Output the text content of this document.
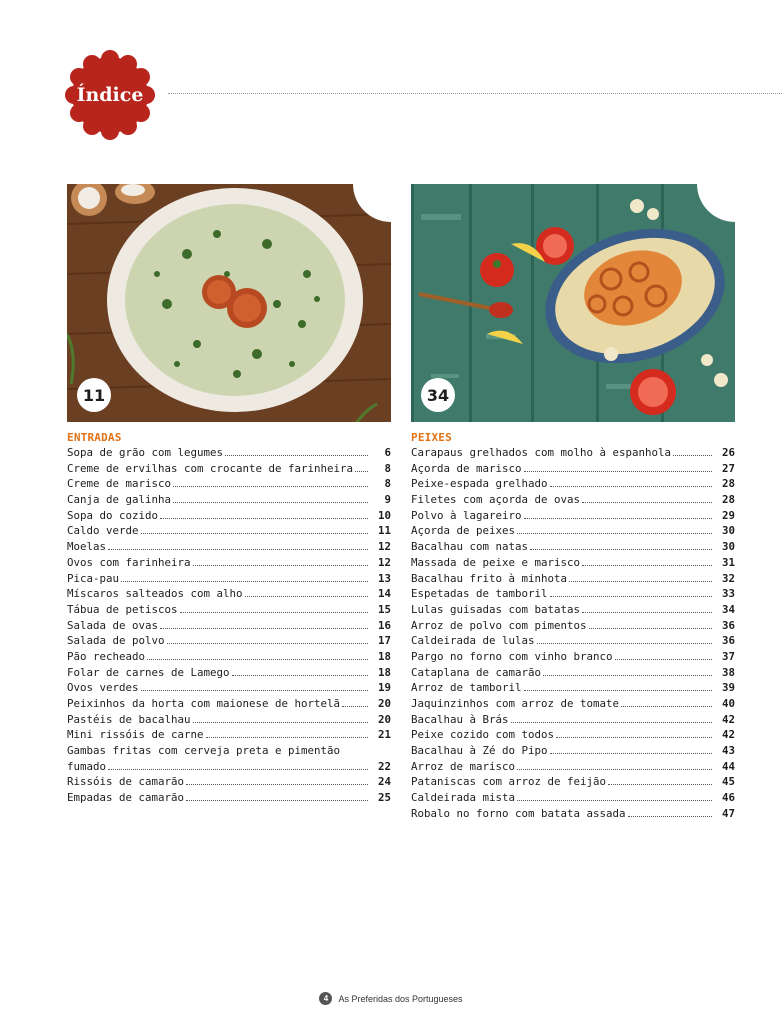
Índice
11	34
ENTRADAS
Sopa de grão com legumes	6
Creme de ervilhas com crocante de farinheira	8
Creme de marisco	8
Canja de galinha	9
Sopa do cozido	10
Caldo verde	11
Moelas	12
Ovos com farinheira	12
Pica-pau	13
Míscaros salteados com alho	14
Tábua de petiscos	15
Salada de ovas	16
Salada de polvo	17
Pão recheado	18
Folar de carnes de Lamego	18
Ovos verdes	19
Peixinhos da horta com maionese de hortelã	20
Pastéis de bacalhau	20
Mini rissóis de carne	21
Gambas fritas com cerveja preta e pimentão
fumado	22
Rissóis de camarão	24
Empadas de camarão	25
PEIXES
Carapaus grelhados com molho à espanhola	26
Açorda de marisco	27
Peixe-espada grelhado	28
Filetes com açorda de ovas	28
Polvo à lagareiro	29
Açorda de peixes	30
Bacalhau com natas	30
Massada de peixe e marisco	31
Bacalhau frito à minhota	32
Espetadas de tamboril	33
Lulas guisadas com batatas	34
Arroz de polvo com pimentos	36
Caldeirada de lulas	36
Pargo no forno com vinho branco	37
Cataplana de camarão	38
Arroz de tamboril	39
Jaquinzinhos com arroz de tomate	40
Bacalhau à Brás	42
Peixe cozido com todos	42
Bacalhau à Zé do Pipo	43
Arroz de marisco	44
Pataniscas com arroz de feijão	45
Caldeirada mista	46
Robalo no forno com batata assada	47
4	As Preferidas dos Portugueses
